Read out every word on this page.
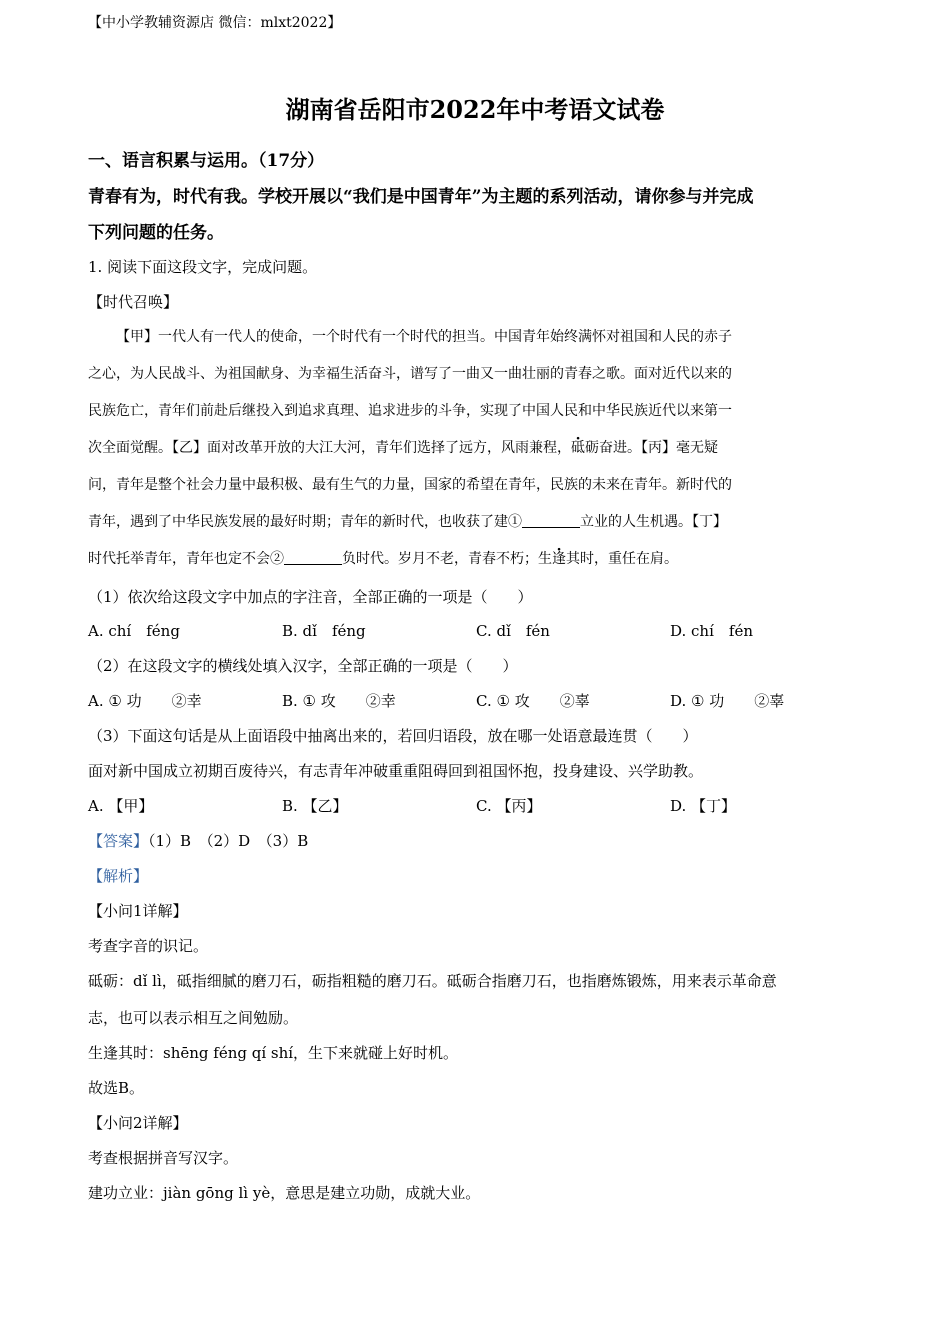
【中小学教辅资源店 微信：mlxt2022】
湖南省岳阳市2022年中考语文试卷
一、语言积累与运用。（17分）
青春有为，时代有我。学校开展以“我们是中国青年”为主题的系列活动，请你参与并完成
下列问题的任务。
1. 阅读下面这段文字，完成问题。
【时代召唤】
【甲】一代人有一代人的使命，一个时代有一个时代的担当。中国青年始终满怀对祖国和人民的赤子
之心，为人民战斗、为祖国献身、为幸福生活奋斗，谱写了一曲又一曲壮丽的青春之歌。面对近代以来的
民族危亡，青年们前赴后继投入到追求真理、追求进步的斗争，实现了中国人民和中华民族近代以来第一
次全面觉醒。【乙】面对改革开放的大江大河，青年们选择了远方，风雨兼程，砥砺奋进。【丙】毫无疑
问，青年是整个社会力量中最积极、最有生气的力量，国家的希望在青年，民族的未来在青年。新时代的
青年，遇到了中华民族发展的最好时期；青年的新时代，也收获了建①	立业的人生机遇。【丁】
时代托举青年，青年也定不会②	负时代。岁月不老，青春不朽；生逢其时，重任在肩。
（1）依次给这段文字中加点的字注音，全部正确的一项是（　　）
A. chí　féng	B. dǐ　féng	C. dǐ　fén	D. chí　fén
（2）在这段文字的横线处填入汉字，全部正确的一项是（　　）
A. ① 功　　②幸	B. ① 攻　　②幸	C. ① 攻　　②辜	D. ① 功　　②辜
（3）下面这句话是从上面语段中抽离出来的，若回归语段，放在哪一处语意最连贯（　　）
面对新中国成立初期百废待兴，有志青年冲破重重阻碍回到祖国怀抱，投身建设、兴学助教。
A. 【甲】	B. 【乙】	C. 【丙】	D. 【丁】
【答案】（1）B　（2）D　（3）B
【解析】
【小问1详解】
考查字音的识记。
砥砺：dǐ lì，砥指细腻的磨刀石，砺指粗糙的磨刀石。砥砺合指磨刀石，也指磨炼锻炼，用来表示革命意
志，也可以表示相互之间勉励。
生逢其时：shēng féng qí shí，生下来就碰上好时机。
故选B。
【小问2详解】
考查根据拼音写汉字。
建功立业：jiàn gōng lì yè，意思是建立功勋，成就大业。
